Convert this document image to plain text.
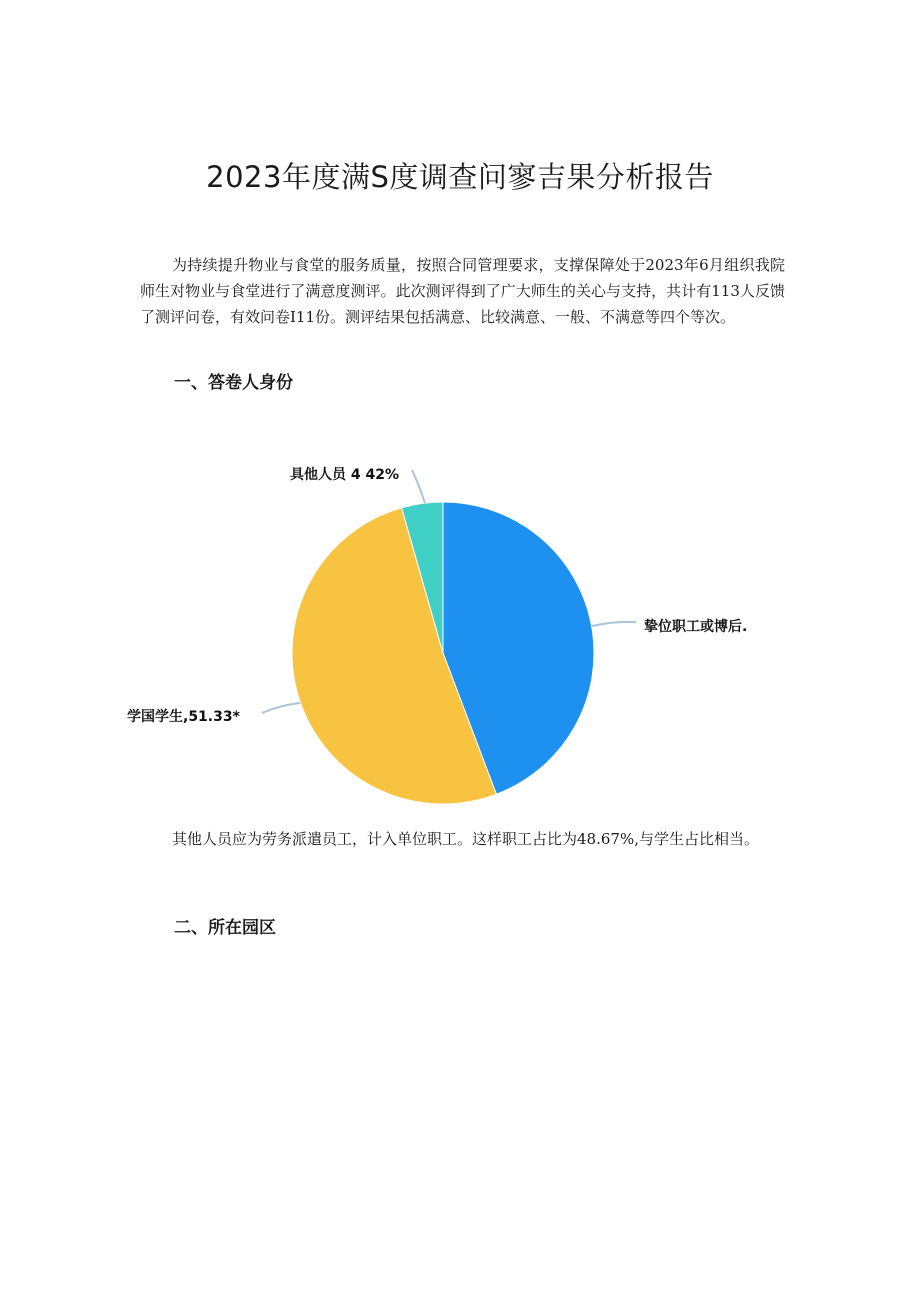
2023年度满S度调查问寥吉果分析报告

为持续提升物业与食堂的服务质量，按照合同管理要求，支撑保障处于2023年6月组织我院师生对物业与食堂进行了满意度测评。此次测评得到了广大师生的关心与支持，共计有113人反馈了测评问卷，有效问卷I11份。测评结果包括满意、比较满意、一般、不满意等四个等次。

一、答卷人身份
挚位职工或博后.
学国学生,51.33*
具他人员 4 42%

其他人员应为劳务派遣员工，计入单位职工。这样职工占比为48.67%,与学生占比相当。

二、所在园区
